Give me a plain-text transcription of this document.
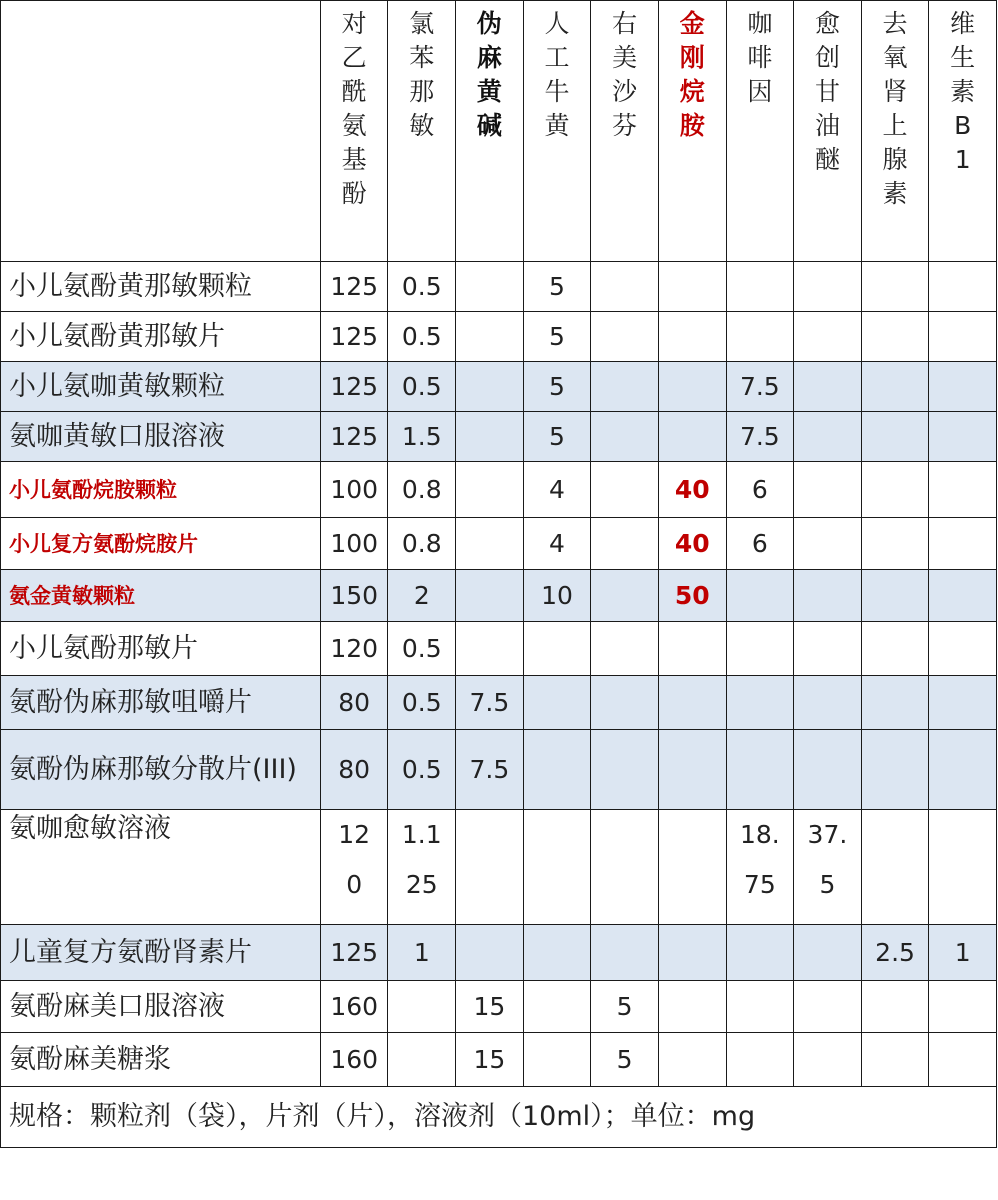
	对乙酰氨基酚	氯苯那敏	伪麻黄碱	人工牛黄	右美沙芬	金刚烷胺	咖啡因	愈创甘油醚	去氧肾上腺素	维生素B1

小儿氨酚黄那敏颗粒	125	0.5		5						
小儿氨酚黄那敏片	125	0.5		5						
小儿氨咖黄敏颗粒	125	0.5		5			7.5			
氨咖黄敏口服溶液	125	1.5		5			7.5			
小儿氨酚烷胺颗粒	100	0.8		4		40	6			
小儿复方氨酚烷胺片	100	0.8		4		40	6			
氨金黄敏颗粒	150	2		10		50				
小儿氨酚那敏片	120	0.5								
氨酚伪麻那敏咀嚼片	80	0.5	7.5							
氨酚伪麻那敏分散片(III)	80	0.5	7.5							
氨咖愈敏溶液	120	1.125					18.75	37.5		

儿童复方氨酚肾素片	125	1							2.5	1
氨酚麻美口服溶液	160		15		5					
氨酚麻美糖浆	160		15		5					
规格：颗粒剂（袋），片剂（片），溶液剂（10ml）；单位：mg										
